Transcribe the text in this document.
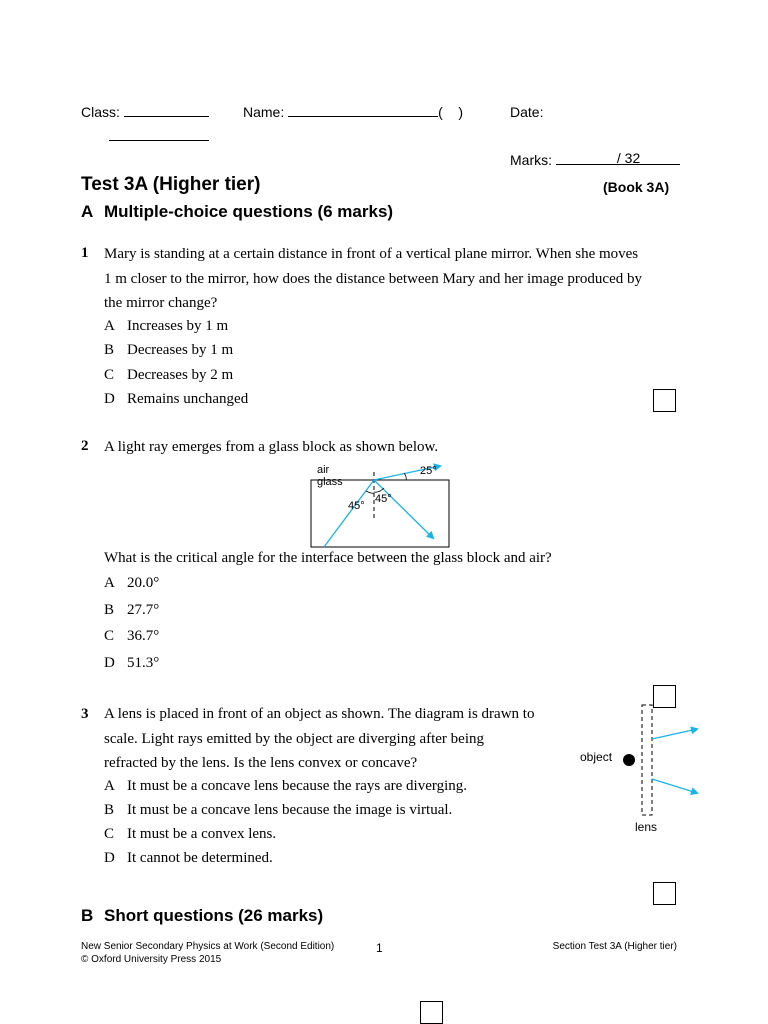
Class:	Name:	(    )	Date:
Marks:	/ 32
Test 3A (Higher tier)	(Book 3A)
A Multiple-choice questions (6 marks)
1 Mary is standing at a certain distance in front of a vertical plane mirror. When she moves
1 m closer to the mirror, how does the distance between Mary and her image produced by
the mirror change?
A Increases by 1 m
B Decreases by 1 m
C Decreases by 2 m
D Remains unchanged
2 A light ray emerges from a glass block as shown below.
air
glass
25°
45°
45°
What is the critical angle for the interface between the glass block and air?
A 20.0°
B 27.7°
C 36.7°
D 51.3°
3 A lens is placed in front of an object as shown. The diagram is drawn to
scale. Light rays emitted by the object are diverging after being
refracted by the lens. Is the lens convex or concave?	object
lens
A It must be a concave lens because the rays are diverging.
B It must be a concave lens because the image is virtual.
C It must be a convex lens.
D It cannot be determined.
B Short questions (26 marks)
New Senior Secondary Physics at Work (Second Edition)
© Oxford University Press 2015
1	Section Test 3A (Higher tier)
